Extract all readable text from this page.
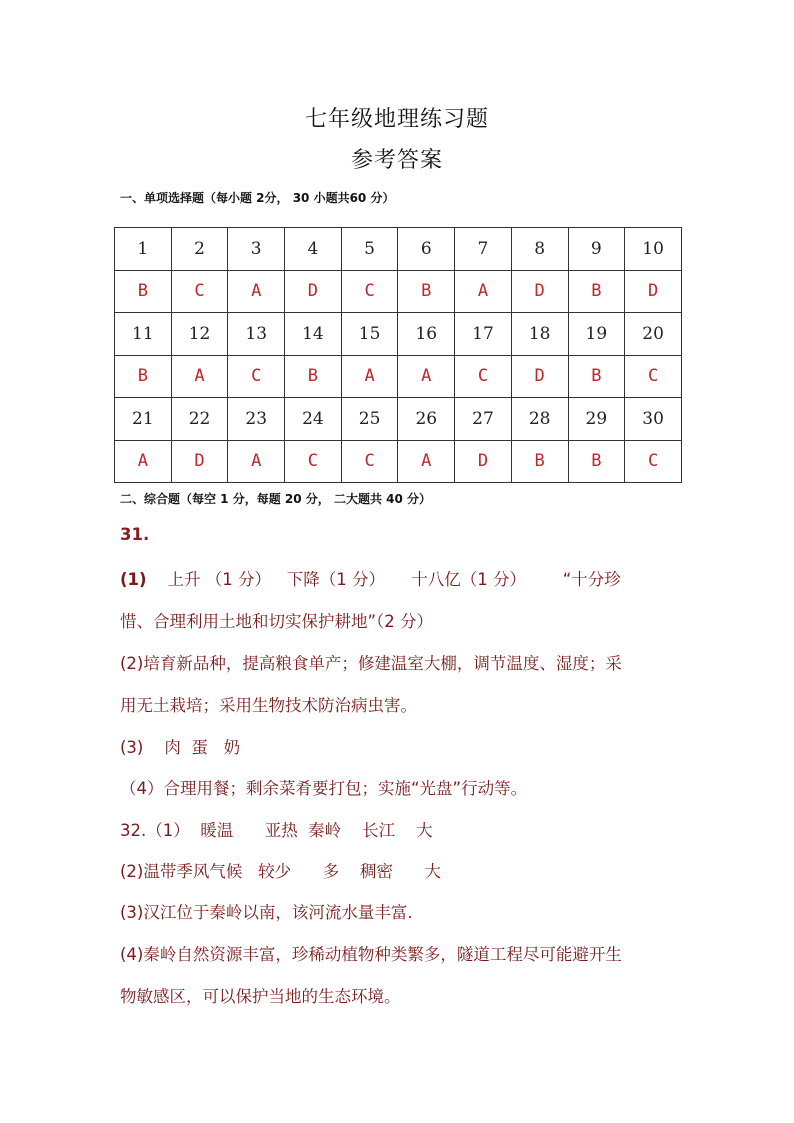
七年级地理练习题
参考答案
一、单项选择题（每小题 2分， 30 小题共60 分）
1	2	3	4	5	6	7	8	9	10
B	C	A	D	C	B	A	D	B	D
11	12	13	14	15	16	17	18	19	20
B	A	C	B	A	A	C	D	B	C
21	22	23	24	25	26	27	28	29	30
A	D	A	C	C	A	D	B	B	C
二、综合题（每空 1 分，每题 20 分， 二大题共 40 分）
31.
(1)    上升 （1 分）   下降（1 分）     十八亿（1 分）       “十分珍
惜、合理利用土地和切实保护耕地”（2 分）
(2)培育新品种，提高粮食单产；修建温室大棚，调节温度、湿度；采
用无土栽培；采用生物技术防治病虫害。
(3)    肉  蛋   奶
（4）合理用餐；剩余菜肴要打包；实施“光盘”行动等。
32.（1）  暖温      亚热  秦岭    长江    大
(2)温带季风气候   较少      多    稠密      大
(3)汉江位于秦岭以南，该河流水量丰富.
(4)秦岭自然资源丰富，珍稀动植物种类繁多，隧道工程尽可能避开生
物敏感区，可以保护当地的生态环境。
